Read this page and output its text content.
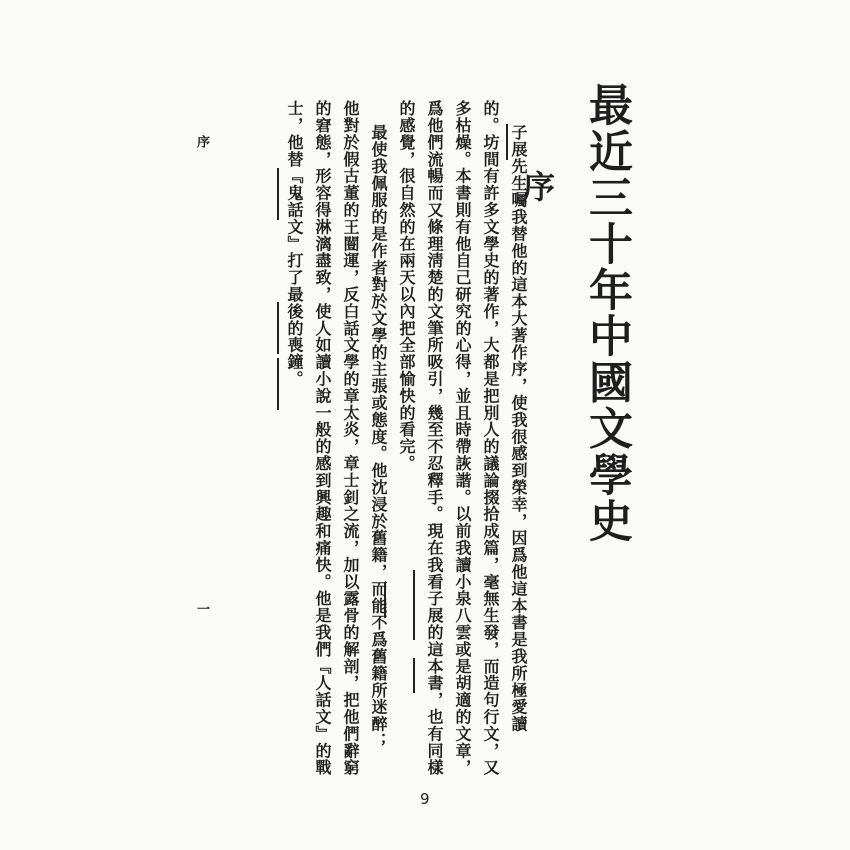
最近三十年中國文學史
序
子展先生囑我替他的這本大著作序，使我很感到榮幸，因爲他這本書是我所極愛讀
的。坊間有許多文學史的著作，大都是把別人的議論掇拾成篇，毫無生發，而造句行文，又
多枯燥。本書則有他自己研究的心得，並且時帶詼諧。以前我讀小泉八雲或是胡適的文章，
爲他們流暢而又條理淸楚的文筆所吸引，幾至不忍釋手。現在我看子展的這本書，也有同樣
的感覺，很自然的在兩天以內把全部愉快的看完。
最使我佩服的是作者對於文學的主張或態度。他沈浸於舊籍，而能不爲舊籍所迷醉；
他對於假古董的王闓運，反白話文學的章太炎，章士釗之流，加以露骨的解剖，把他們辭窮
的窘態，形容得淋漓盡致，使人如讀小說一般的感到興趣和痛快。他是我們『人話文』的戰
士，他替『鬼話文』打了最後的喪鐘。
序
一
9
